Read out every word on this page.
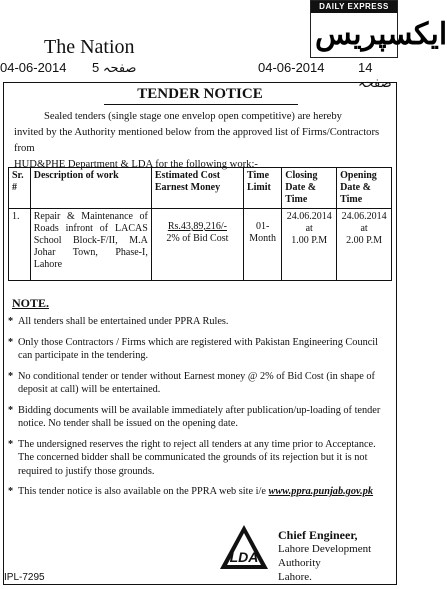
The Nation
DAILY EXPRESS
ایکسپریس
04-06-2014 5 صفحہ	04-06-2014	14 صفحہ
TENDER NOTICE
Sealed tenders (single stage one envelop open competitive) are hereby
invited by the Authority mentioned below from the approved list of Firms/Contractors from
HUD&PHE Department & LDA for the following work:-
Sr. #	Description of work	Estimated Cost Earnest Money	Time Limit	Closing Date & Time	Opening Date & Time
1.	Repair & Maintenance of Roads infront of LACAS School Block-F/II, M.A Johar Town, Phase-I, Lahore	Rs.43,89,216/-
2% of Bid Cost	01-
Month	24.06.2014
at
1.00 P.M	24.06.2014
at
2.00 P.M
NOTE.
* All tenders shall be entertained under PPRA Rules.
* Only those Contractors / Firms which are registered with Pakistan Engineering Council can participate in the tendering.
* No conditional tender or tender without Earnest money @ 2% of Bid Cost (in shape of deposit at call) will be entertained.
* Bidding documents will be available immediately after publication/up-loading of tender notice. No tender shall be issued on the opening date.
* The undersigned reserves the right to reject all tenders at any time prior to Acceptance. The concerned bidder shall be communicated the grounds of its rejection but it is not required to justify those grounds.
* This tender notice is also available on the PPRA web site i/e www.ppra.punjab.gov.pk
LDA
Chief Engineer,
Lahore Development Authority
Lahore.
IPL-7295
